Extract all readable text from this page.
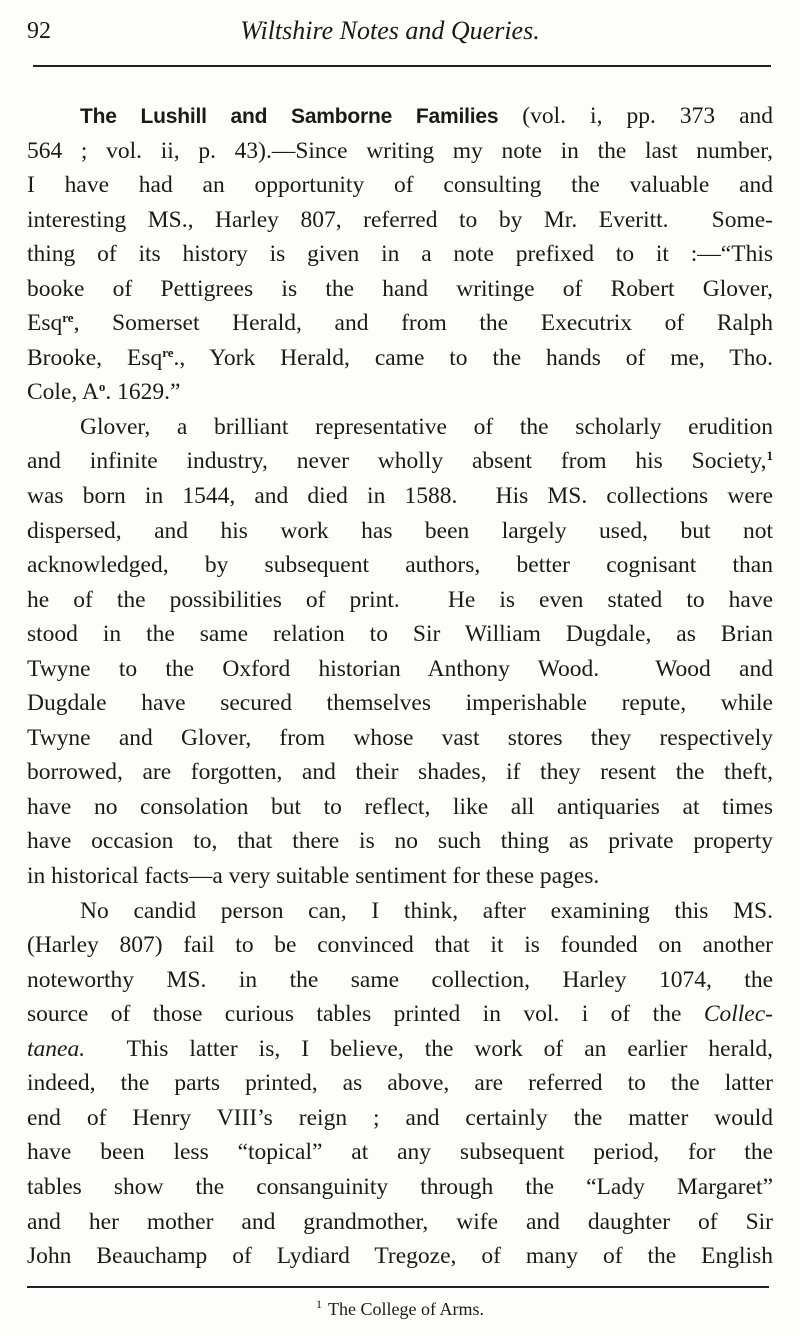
92	Wiltshire Notes and Queries.
The Lushill and Samborne Families (vol. i, pp. 373 and
564 ; vol. ii, p. 43).—Since writing my note in the last number,
I have had an opportunity of consulting the valuable and
interesting MS., Harley 807, referred to by Mr. Everitt.  Some-
thing of its history is given in a note prefixed to it :—“This
booke of Pettigrees is the hand writinge of Robert Glover,
Esq$^{re}$, Somerset Herald, and from the Executrix of Ralph
Brooke, Esq$^{re}$., York Herald, came to the hands of me, Tho.
Cole, $A^o$. 1629.”
Glover, a brilliant representative of the scholarly erudition
and infinite industry, never wholly absent from his Society,$^1$
was born in 1544, and died in 1588.  His MS. collections were
dispersed, and his work has been largely used, but not
acknowledged, by subsequent authors, better cognisant than
he of the possibilities of print.  He is even stated to have
stood in the same relation to Sir William Dugdale, as Brian
Twyne to the Oxford historian Anthony Wood.  Wood and
Dugdale have secured themselves imperishable repute, while
Twyne and Glover, from whose vast stores they respectively
borrowed, are forgotten, and their shades, if they resent the theft,
have no consolation but to reflect, like all antiquaries at times
have occasion to, that there is no such thing as private property
in historical facts—a very suitable sentiment for these pages.
No candid person can, I think, after examining this MS.
(Harley 807) fail to be convinced that it is founded on another
noteworthy MS. in the same collection, Harley 1074, the
source of those curious tables printed in vol. i of the Collec-
tanea.  This latter is, I believe, the work of an earlier herald,
indeed, the parts printed, as above, are referred to the latter
end of Henry VIII’s reign ; and certainly the matter would
have been less “topical” at any subsequent period, for the
tables show the consanguinity through the “Lady Margaret”
and her mother and grandmother, wife and daughter of Sir
John Beauchamp of Lydiard Tregoze, of many of the English
$^1$ The College of Arms.
